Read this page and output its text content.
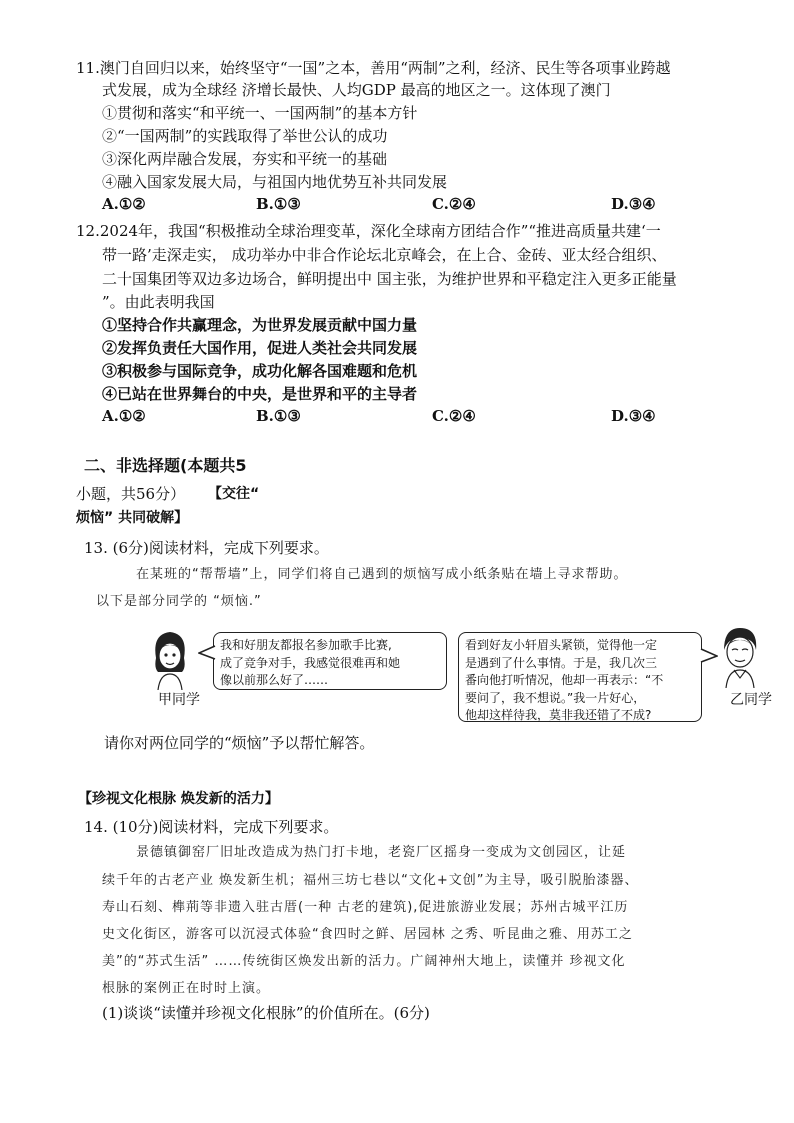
11.澳门自回归以来，始终坚守“一国”之本，善用“两制”之利，经济、民生等各项事业跨越
式发展，成为全球经 济增长最快、人均GDP 最高的地区之一。这体现了澳门
①贯彻和落实“和平统一、一国两制”的基本方针
②“一国两制”的实践取得了举世公认的成功
③深化两岸融合发展，夯实和平统一的基础
④融入国家发展大局，与祖国内地优势互补共同发展
A.①②	B.①③	C.②④	D.③④
12.2024年，我国“积极推动全球治理变革，深化全球南方团结合作”“推进高质量共建‘一
带一路’走深走实， 成功举办中非合作论坛北京峰会，在上合、金砖、亚太经合组织、
二十国集团等双边多边场合，鲜明提出中 国主张，为维护世界和平稳定注入更多正能量
”。由此表明我国
①坚持合作共赢理念，为世界发展贡献中国力量
②发挥负责任大国作用，促进人类社会共同发展
③积极参与国际竞争，成功化解各国难题和危机
④已站在世界舞台的中央，是世界和平的主导者
A.①②	B.①③	C.②④	D.③④
二、非选择题(本题共5
小题，共56分） 【交往“
烦恼” 共同破解】
13. (6分)阅读材料，完成下列要求。
在某班的“帮帮墙”上，同学们将自己遇到的烦恼写成小纸条贴在墙上寻求帮助。
以下是部分同学的 “烦恼.”
甲同学
我和好朋友都报名参加歌手比赛,
成了竞争对手，我感觉很难再和她
像以前那么好了……
看到好友小轩眉头紧锁，觉得他一定
是遇到了什么事情。于是，我几次三
番向他打听情况，他却一再表示：“不
要问了，我不想说。”我一片好心，
他却这样待我，莫非我还错了不成?
乙同学
请你对两位同学的“烦恼”予以帮忙解答。
【珍视文化根脉 焕发新的活力】
14. (10分)阅读材料，完成下列要求。
景德镇御窑厂旧址改造成为热门打卡地，老瓷厂区摇身一变成为文创园区，让延
续千年的古老产业 焕发新生机；福州三坊七巷以“文化+文创”为主导，吸引脱胎漆器、
寿山石刻、榫荊等非遗入驻古厝(一种 古老的建筑),促进旅游业发展；苏州古城平江历
史文化街区，游客可以沉浸式体验“食四时之鲜、居园林 之秀、听昆曲之雅、用苏工之
美”的“苏式生活” ……传统街区焕发出新的活力。广阔神州大地上，读懂并 珍视文化
根脉的案例正在时时上演。
(1)谈谈“读懂并珍视文化根脉”的价值所在。(6分)
